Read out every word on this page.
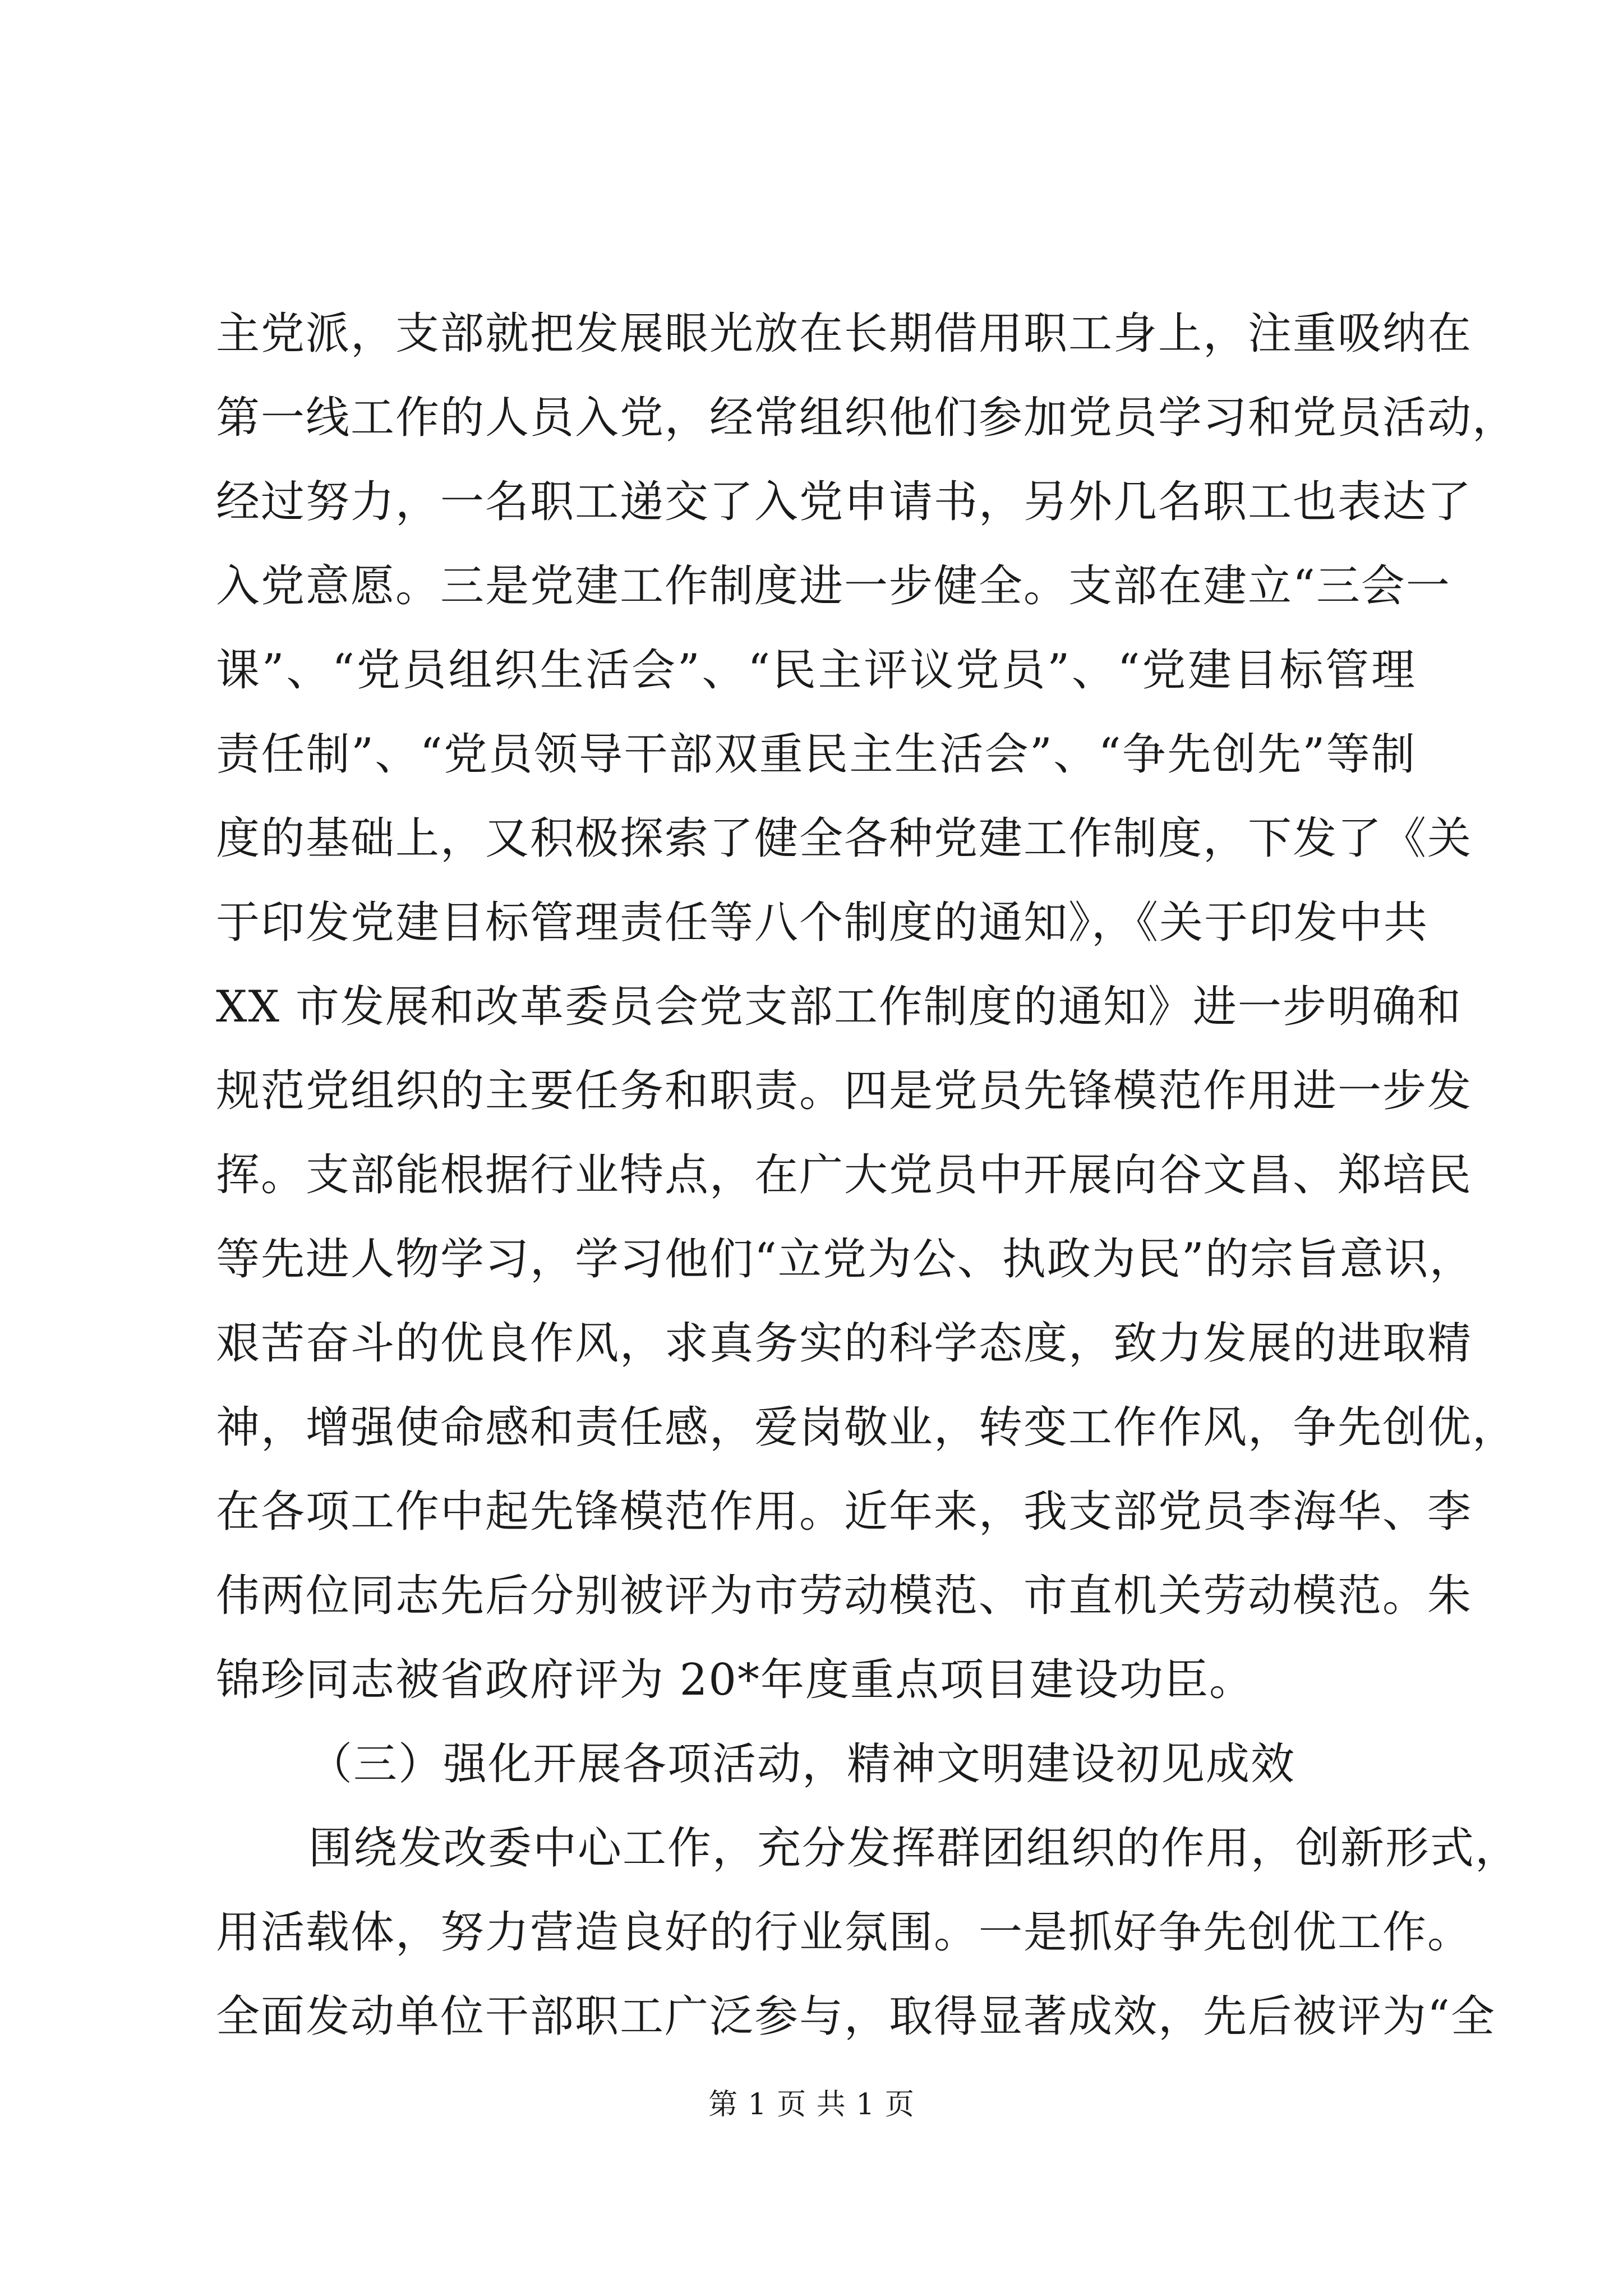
主党派，支部就把发展眼光放在长期借用职工身上，注重吸纳在
第一线工作的人员入党，经常组织他们参加党员学习和党员活动，
经过努力，一名职工递交了入党申请书，另外几名职工也表达了
入党意愿。三是党建工作制度进一步健全。支部在建立“三会一
课”、“党员组织生活会”、“民主评议党员”、“党建目标管理
责任制”、“党员领导干部双重民主生活会”、“争先创先”等制
度的基础上，又积极探索了健全各种党建工作制度，下发了《关
于印发党建目标管理责任等八个制度的通知》，《关于印发中共
XX 市发展和改革委员会党支部工作制度的通知》进一步明确和
规范党组织的主要任务和职责。四是党员先锋模范作用进一步发
挥。支部能根据行业特点，在广大党员中开展向谷文昌、郑培民
等先进人物学习，学习他们“立党为公、执政为民”的宗旨意识，
艰苦奋斗的优良作风，求真务实的科学态度，致力发展的进取精
神，增强使命感和责任感，爱岗敬业，转变工作作风，争先创优，
在各项工作中起先锋模范作用。近年来，我支部党员李海华、李
伟两位同志先后分别被评为市劳动模范、市直机关劳动模范。朱
锦珍同志被省政府评为 20*年度重点项目建设功臣。
（三）强化开展各项活动，精神文明建设初见成效
围绕发改委中心工作，充分发挥群团组织的作用，创新形式，
用活载体，努力营造良好的行业氛围。一是抓好争先创优工作。
全面发动单位干部职工广泛参与，取得显著成效，先后被评为“全
第 1 页 共 1 页
